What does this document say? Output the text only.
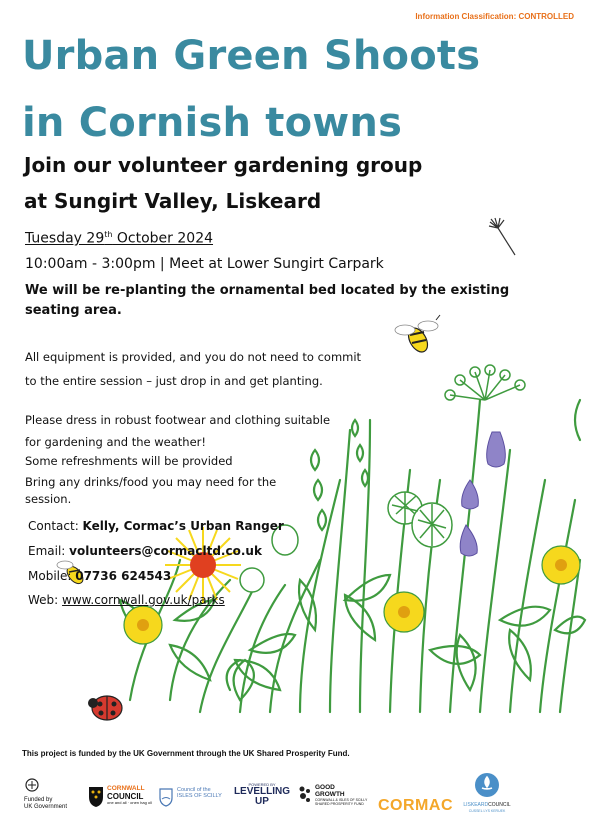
Information Classification: CONTROLLED
Urban Green Shoots
in Cornish towns
Join our volunteer gardening group
at Sungirt Valley, Liskeard
Tuesday 29th October 2024
10:00am - 3:00pm | Meet at Lower Sungirt Carpark
We will be re-planting the ornamental bed located by the existing seating area.
All equipment is provided, and you do not need to commit
to the entire session – just drop in and get planting.
Please dress in robust footwear and clothing suitable
for gardening and the weather!
Some refreshments will be provided
Bring any drinks/food you may need for the session.
Contact: Kelly, Cormac’s Urban Ranger
Email: volunteers@cormacltd.co.uk
Mobile: 07736 624543
Web: www.cornwall.gov.uk/parks
This project is funded by the UK Government through the UK Shared Prosperity Fund.
Funded by
UK Government
CORNWALL
COUNCIL
one and all · onen hag oll
Council of the
ISLES OF SCILLY
POWERED BY
LEVELLING
UP
GOOD
GROWTH
CORNWALL & ISLES OF SCILLY
SHARED PROSPERITY FUND CORMAC LISKEARDCOUNCIL
CUSSEL LYS KERUEK
